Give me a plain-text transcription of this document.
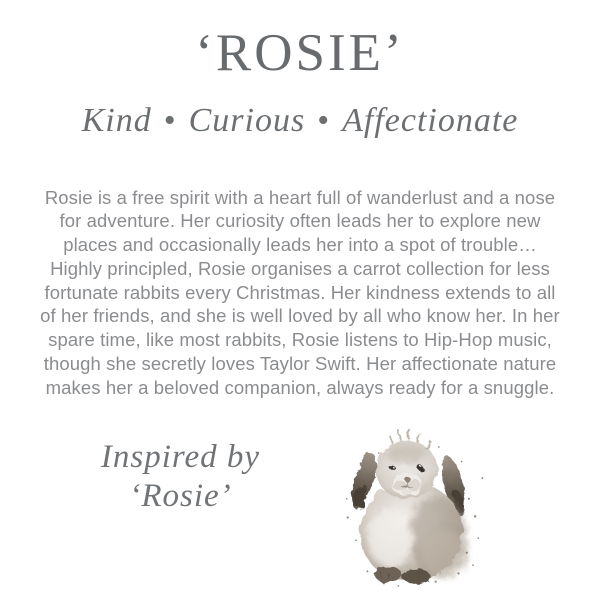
‘ROSIE’
Kind • Curious • Affectionate

Rosie is a free spirit with a heart full of wanderlust and a nose for adventure. Her curiosity often leads her to explore new places and occasionally leads her into a spot of trouble… Highly principled, Rosie organises a carrot collection for less fortunate rabbits every Christmas. Her kindness extends to all of her friends, and she is well loved by all who know her. In her spare time, like most rabbits, Rosie listens to Hip-Hop music, though she secretly loves Taylor Swift. Her affectionate nature makes her a beloved companion, always ready for a snuggle.

Inspired by
‘Rosie’
